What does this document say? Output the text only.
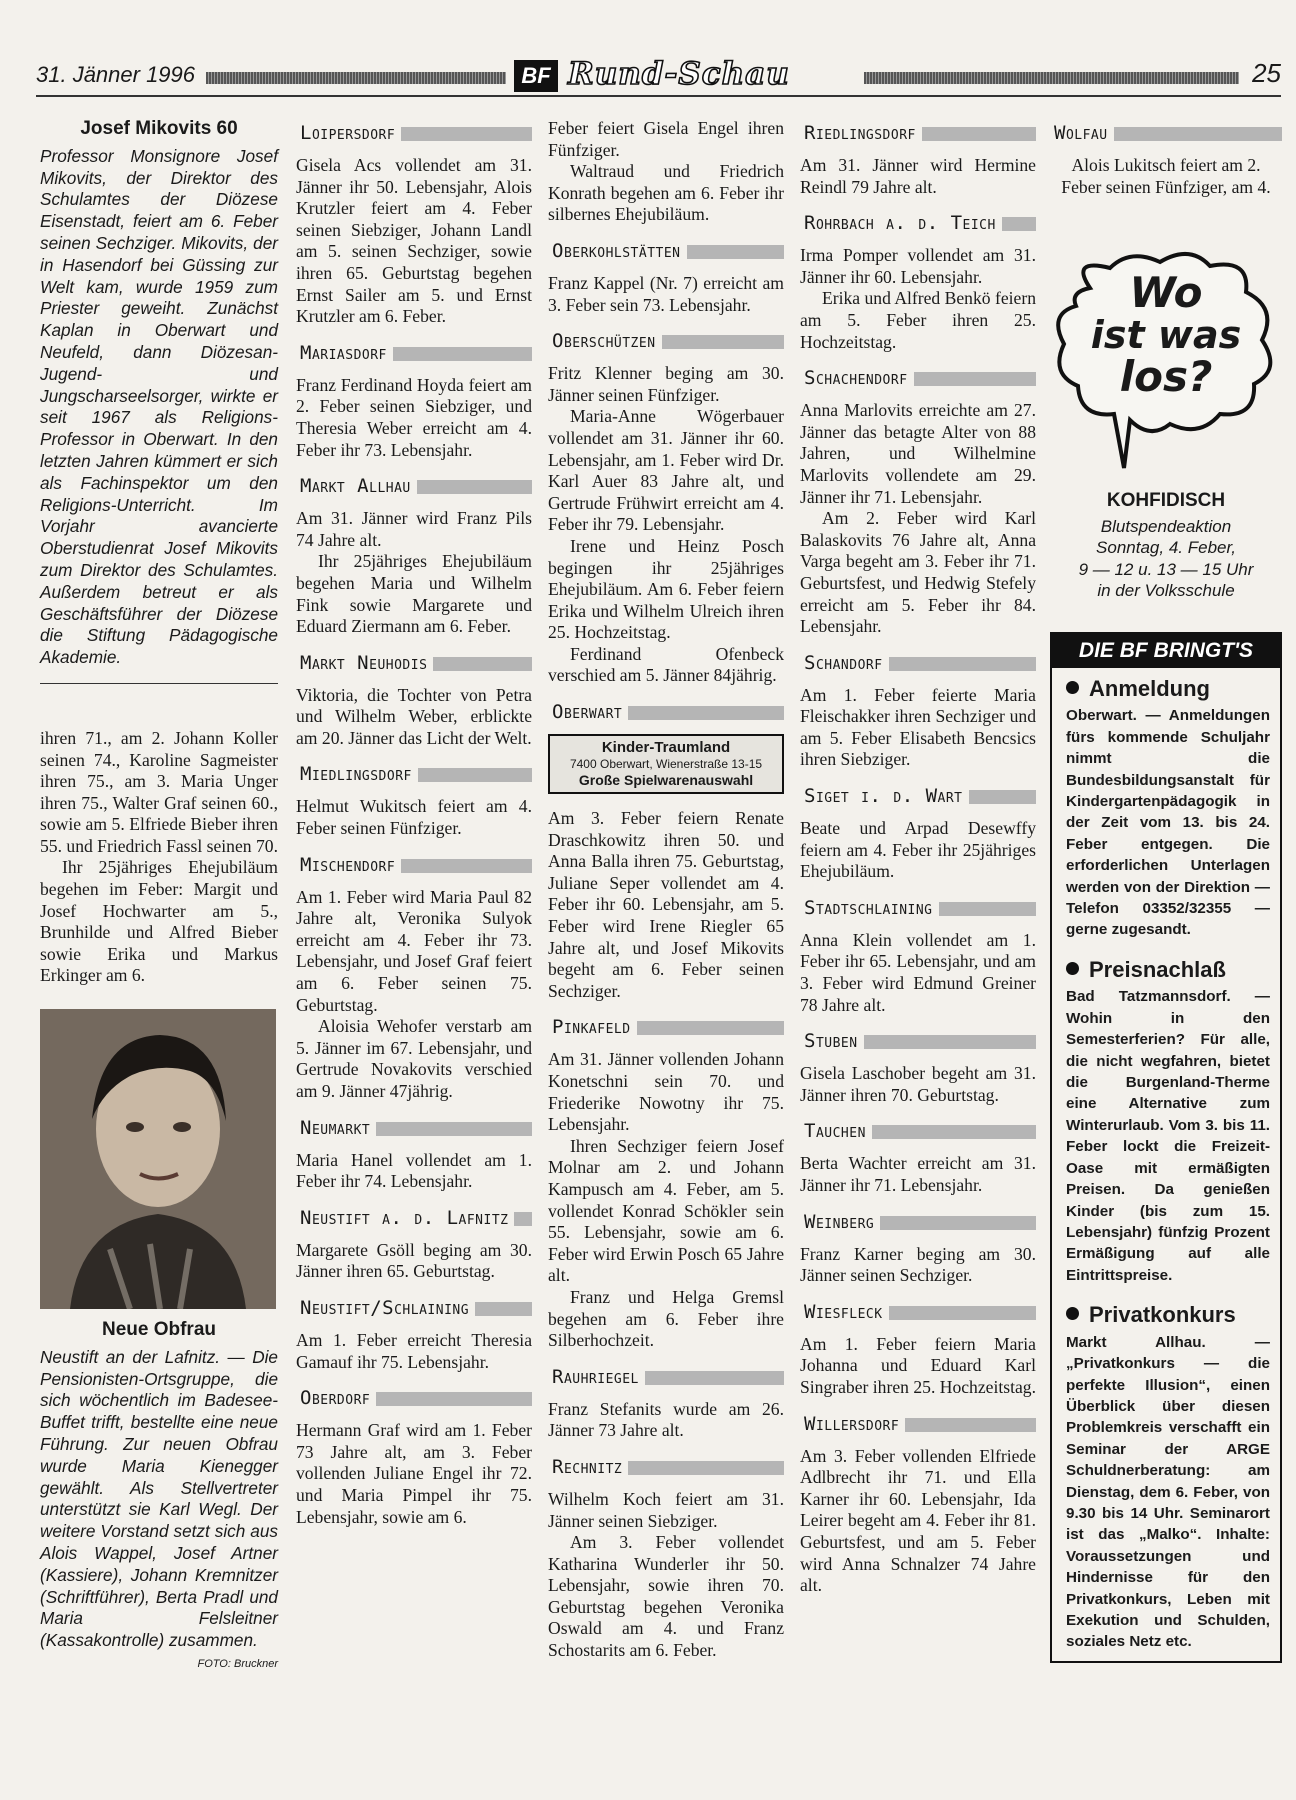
31. Jänner 1996	BF Rund-Schau	25
Josef Mikovits 60
Professor Monsignore Josef Mikovits, der Direktor des Schulamtes der Diözese Eisenstadt, feiert am 6. Feber seinen Sechziger. Mikovits, der in Hasendorf bei Güssing zur Welt kam, wurde 1959 zum Priester geweiht. Zunächst Kaplan in Oberwart und Neufeld, dann Diözesan-Jugend- und Jungscharseelsorger, wirkte er seit 1967 als Religions-Professor in Oberwart. In den letzten Jahren kümmert er sich als Fachinspektor um den Religions-Unterricht. Im Vorjahr avancierte Oberstudienrat Josef Mikovits zum Direktor des Schulamtes. Außerdem betreut er als Geschäftsführer der Diözese die Stiftung Pädagogische Akademie.

ihren 71., am 2. Johann Koller seinen 74., Karoline Sagmeister ihren 75., am 3. Maria Unger ihren 75., Walter Graf seinen 60., sowie am 5. Elfriede Bieber ihren 55. und Friedrich Fassl seinen 70.

Ihr 25jähriges Ehejubiläum begehen im Feber: Margit und Josef Hochwarter am 5., Brunhilde und Alfred Bieber sowie Erika und Markus Erkinger am 6.

Neue Obfrau
Neustift an der Lafnitz. — Die Pensionisten-Ortsgruppe, die sich wöchentlich im Badesee-Buffet trifft, bestellte eine neue Führung. Zur neuen Obfrau wurde Maria Kienegger gewählt. Als Stellvertreter unterstützt sie Karl Wegl. Der weitere Vorstand setzt sich aus Alois Wappel, Josef Artner (Kassiere), Johann Kremnitzer (Schriftführer), Berta Pradl und Maria Felsleitner (Kassakontrolle) zusammen.
FOTO: Bruckner
Loipersdorf

Gisela Acs vollendet am 31. Jänner ihr 50. Lebensjahr, Alois Krutzler feiert am 4. Feber seinen Siebziger, Johann Landl am 5. seinen Sechziger, sowie ihren 65. Geburtstag begehen Ernst Sailer am 5. und Ernst Krutzler am 6. Feber.

Mariasdorf

Franz Ferdinand Hoyda feiert am 2. Feber seinen Siebziger, und Theresia Weber erreicht am 4. Feber ihr 73. Lebensjahr.

Markt Allhau

Am 31. Jänner wird Franz Pils 74 Jahre alt.

Ihr 25jähriges Ehejubiläum begehen Maria und Wilhelm Fink sowie Margarete und Eduard Ziermann am 6. Feber.

Markt Neuhodis

Viktoria, die Tochter von Petra und Wilhelm Weber, erblickte am 20. Jänner das Licht der Welt.

Miedlingsdorf

Helmut Wukitsch feiert am 4. Feber seinen Fünfziger.

Mischendorf

Am 1. Feber wird Maria Paul 82 Jahre alt, Veronika Sulyok erreicht am 4. Feber ihr 73. Lebensjahr, und Josef Graf feiert am 6. Feber seinen 75. Geburtstag.

Aloisia Wehofer verstarb am 5. Jänner im 67. Lebensjahr, und Gertrude Novakovits verschied am 9. Jänner 47jährig.

Neumarkt

Maria Hanel vollendet am 1. Feber ihr 74. Lebensjahr.

Neustift a. d. Lafnitz

Margarete Gsöll beging am 30. Jänner ihren 65. Geburtstag.

Neustift/Schlaining

Am 1. Feber erreicht Theresia Gamauf ihr 75. Lebensjahr.

Oberdorf

Hermann Graf wird am 1. Feber 73 Jahre alt, am 3. Feber vollenden Juliane Engel ihr 72. und Maria Pimpel ihr 75. Lebensjahr, sowie am 6.

Feber feiert Gisela Engel ihren Fünfziger.

Waltraud und Friedrich Konrath begehen am 6. Feber ihr silbernes Ehejubiläum.

Oberkohlstätten

Franz Kappel (Nr. 7) erreicht am 3. Feber sein 73. Lebensjahr.

Oberschützen

Fritz Klenner beging am 30. Jänner seinen Fünfziger.

Maria-Anne Wögerbauer vollendet am 31. Jänner ihr 60. Lebensjahr, am 1. Feber wird Dr. Karl Auer 83 Jahre alt, und Gertrude Frühwirt erreicht am 4. Feber ihr 79. Lebensjahr.

Irene und Heinz Posch begingen ihr 25jähriges Ehejubiläum. Am 6. Feber feiern Erika und Wilhelm Ulreich ihren 25. Hochzeitstag.

Ferdinand Ofenbeck verschied am 5. Jänner 84jährig.

Oberwart
Kinder-Traumland
7400 Oberwart, Wienerstraße 13-15
Große Spielwarenauswahl

Am 3. Feber feiern Renate Draschkowitz ihren 50. und Anna Balla ihren 75. Geburtstag, Juliane Seper vollendet am 4. Feber ihr 60. Lebensjahr, am 5. Feber wird Irene Riegler 65 Jahre alt, und Josef Mikovits begeht am 6. Feber seinen Sechziger.

Pinkafeld

Am 31. Jänner vollenden Johann Konetschni sein 70. und Friederike Nowotny ihr 75. Lebensjahr.

Ihren Sechziger feiern Josef Molnar am 2. und Johann Kampusch am 4. Feber, am 5. vollendet Konrad Schökler sein 55. Lebensjahr, sowie am 6. Feber wird Erwin Posch 65 Jahre alt.

Franz und Helga Gremsl begehen am 6. Feber ihre Silberhochzeit.

Rauhriegel

Franz Stefanits wurde am 26. Jänner 73 Jahre alt.

Rechnitz

Wilhelm Koch feiert am 31. Jänner seinen Siebziger.

Am 3. Feber vollendet Katharina Wunderler ihr 50. Lebensjahr, sowie ihren 70. Geburtstag begehen Veronika Oswald am 4. und Franz Schostarits am 6. Feber.

Riedlingsdorf

Am 31. Jänner wird Hermine Reindl 79 Jahre alt.

Rohrbach a. d. Teich

Irma Pomper vollendet am 31. Jänner ihr 60. Lebensjahr.

Erika und Alfred Benkö feiern am 5. Feber ihren 25. Hochzeitstag.

Schachendorf

Anna Marlovits erreichte am 27. Jänner das betagte Alter von 88 Jahren, und Wilhelmine Marlovits vollendete am 29. Jänner ihr 71. Lebensjahr.

Am 2. Feber wird Karl Balaskovits 76 Jahre alt, Anna Varga begeht am 3. Feber ihr 71. Geburtsfest, und Hedwig Stefely erreicht am 5. Feber ihr 84. Lebensjahr.

Schandorf

Am 1. Feber feierte Maria Fleischakker ihren Sechziger und am 5. Feber Elisabeth Bencsics ihren Siebziger.

Siget i. d. Wart

Beate und Arpad Desewffy feiern am 4. Feber ihr 25jähriges Ehejubiläum.

Stadtschlaining

Anna Klein vollendet am 1. Feber ihr 65. Lebensjahr, und am 3. Feber wird Edmund Greiner 78 Jahre alt.

Stuben

Gisela Laschober begeht am 31. Jänner ihren 70. Geburtstag.

Tauchen

Berta Wachter erreicht am 31. Jänner ihr 71. Lebensjahr.

Weinberg

Franz Karner beging am 30. Jänner seinen Sechziger.

Wiesfleck

Am 1. Feber feiern Maria Johanna und Eduard Karl Singraber ihren 25. Hochzeitstag.

Willersdorf

Am 3. Feber vollenden Elfriede Adlbrecht ihr 71. und Ella Karner ihr 60. Lebensjahr, Ida Leirer begeht am 4. Feber ihr 81. Geburtsfest, und am 5. Feber wird Anna Schnalzer 74 Jahre alt.

Wolfau

Alois Lukitsch feiert am 2. Feber seinen Fünfziger, am 4.

Wo
ist was
los?
KOHFIDISCH
Blutspendeaktion
Sonntag, 4. Feber,
9 — 12 u. 13 — 15 Uhr
in der Volksschule
DIE BF BRINGT'S
Anmeldung
Oberwart. — Anmeldungen fürs kommende Schuljahr nimmt die Bundesbildungsanstalt für Kindergartenpädagogik in der Zeit vom 13. bis 24. Feber entgegen. Die erforderlichen Unterlagen werden von der Direktion — Telefon 03352/32355 — gerne zugesandt.
Preisnachlaß
Bad Tatzmannsdorf. — Wohin in den Semesterferien? Für alle, die nicht wegfahren, bietet die Burgenland-Therme eine Alternative zum Winterurlaub. Vom 3. bis 11. Feber lockt die Freizeit-Oase mit ermäßigten Preisen. Da genießen Kinder (bis zum 15. Lebensjahr) fünfzig Prozent Ermäßigung auf alle Eintrittspreise.
Privatkonkurs
Markt Allhau. — „Privatkonkurs — die perfekte Illusion“, einen Überblick über diesen Problemkreis verschafft ein Seminar der ARGE Schuldnerberatung: am Dienstag, dem 6. Feber, von 9.30 bis 14 Uhr. Seminarort ist das „Malko“. Inhalte: Voraussetzungen und Hindernisse für den Privatkonkurs, Leben mit Exekution und Schulden, soziales Netz etc.
